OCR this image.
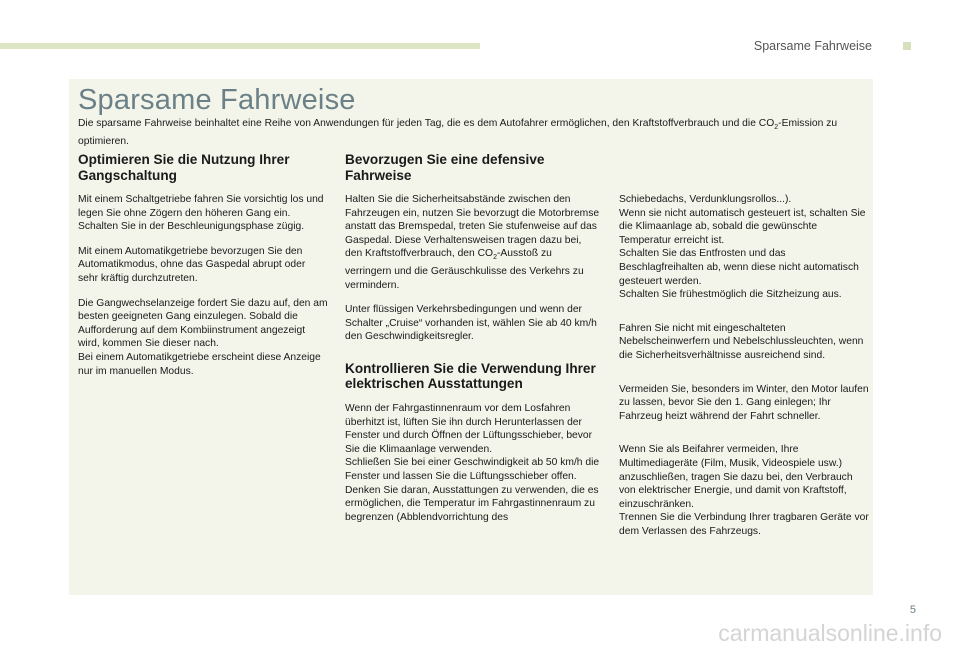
Sparsame Fahrweise
Sparsame Fahrweise

Die sparsame Fahrweise beinhaltet eine Reihe von Anwendungen für jeden Tag, die es dem Autofahrer ermöglichen, den Kraftstoffverbrauch und die $CO_2$-Emission zu optimieren.

Optimieren Sie die Nutzung Ihrer Gangschaltung

Mit einem Schaltgetriebe fahren Sie vorsichtig los und legen Sie ohne Zögern den höheren Gang ein. Schalten Sie in der Beschleunigungsphase zügig.

Mit einem Automatikgetriebe bevorzugen Sie den Automatikmodus, ohne das Gaspedal abrupt oder sehr kräftig durchzutreten.

Die Gangwechselanzeige fordert Sie dazu auf, den am besten geeigneten Gang einzulegen. Sobald die Aufforderung auf dem Kombiinstrument angezeigt wird, kommen Sie dieser nach.
Bei einem Automatikgetriebe erscheint diese Anzeige nur im manuellen Modus.

Bevorzugen Sie eine defensive Fahrweise

Halten Sie die Sicherheitsabstände zwischen den Fahrzeugen ein, nutzen Sie bevorzugt die Motorbremse anstatt das Bremspedal, treten Sie stufenweise auf das Gaspedal. Diese Verhaltensweisen tragen dazu bei, den Kraftstoffverbrauch, den $CO_2$-Ausstoß zu verringern und die Geräuschkulisse des Verkehrs zu vermindern.

Unter flüssigen Verkehrsbedingungen und wenn der Schalter „Cruise“ vorhanden ist, wählen Sie ab 40 km/h den Geschwindigkeitsregler.

Kontrollieren Sie die Verwendung Ihrer elektrischen Ausstattungen

Wenn der Fahrgastinnenraum vor dem Losfahren überhitzt ist, lüften Sie ihn durch Herunterlassen der Fenster und durch Öffnen der Lüftungsschieber, bevor Sie die Klimaanlage verwenden.
Schließen Sie bei einer Geschwindigkeit ab 50 km/h die Fenster und lassen Sie die Lüftungsschieber offen.
Denken Sie daran, Ausstattungen zu verwenden, die es ermöglichen, die Temperatur im Fahrgastinnenraum zu begrenzen (Abblendvorrichtung des

Schiebedachs, Verdunklungsrollos...).
Wenn sie nicht automatisch gesteuert ist, schalten Sie die Klimaanlage ab, sobald die gewünschte Temperatur erreicht ist.
Schalten Sie das Entfrosten und das Beschlagfreihalten ab, wenn diese nicht automatisch gesteuert werden.
Schalten Sie frühestmöglich die Sitzheizung aus.

Fahren Sie nicht mit eingeschalteten Nebelscheinwerfern und Nebelschlussleuchten, wenn die Sicherheitsverhältnisse ausreichend sind.

Vermeiden Sie, besonders im Winter, den Motor laufen zu lassen, bevor Sie den 1. Gang einlegen; Ihr Fahrzeug heizt während der Fahrt schneller.

Wenn Sie als Beifahrer vermeiden, Ihre Multimediageräte (Film, Musik, Videospiele usw.) anzuschließen, tragen Sie dazu bei, den Verbrauch von elektrischer Energie, und damit von Kraftstoff, einzuschränken.
Trennen Sie die Verbindung Ihrer tragbaren Geräte vor dem Verlassen des Fahrzeugs.

5
carmanualsonline.info
